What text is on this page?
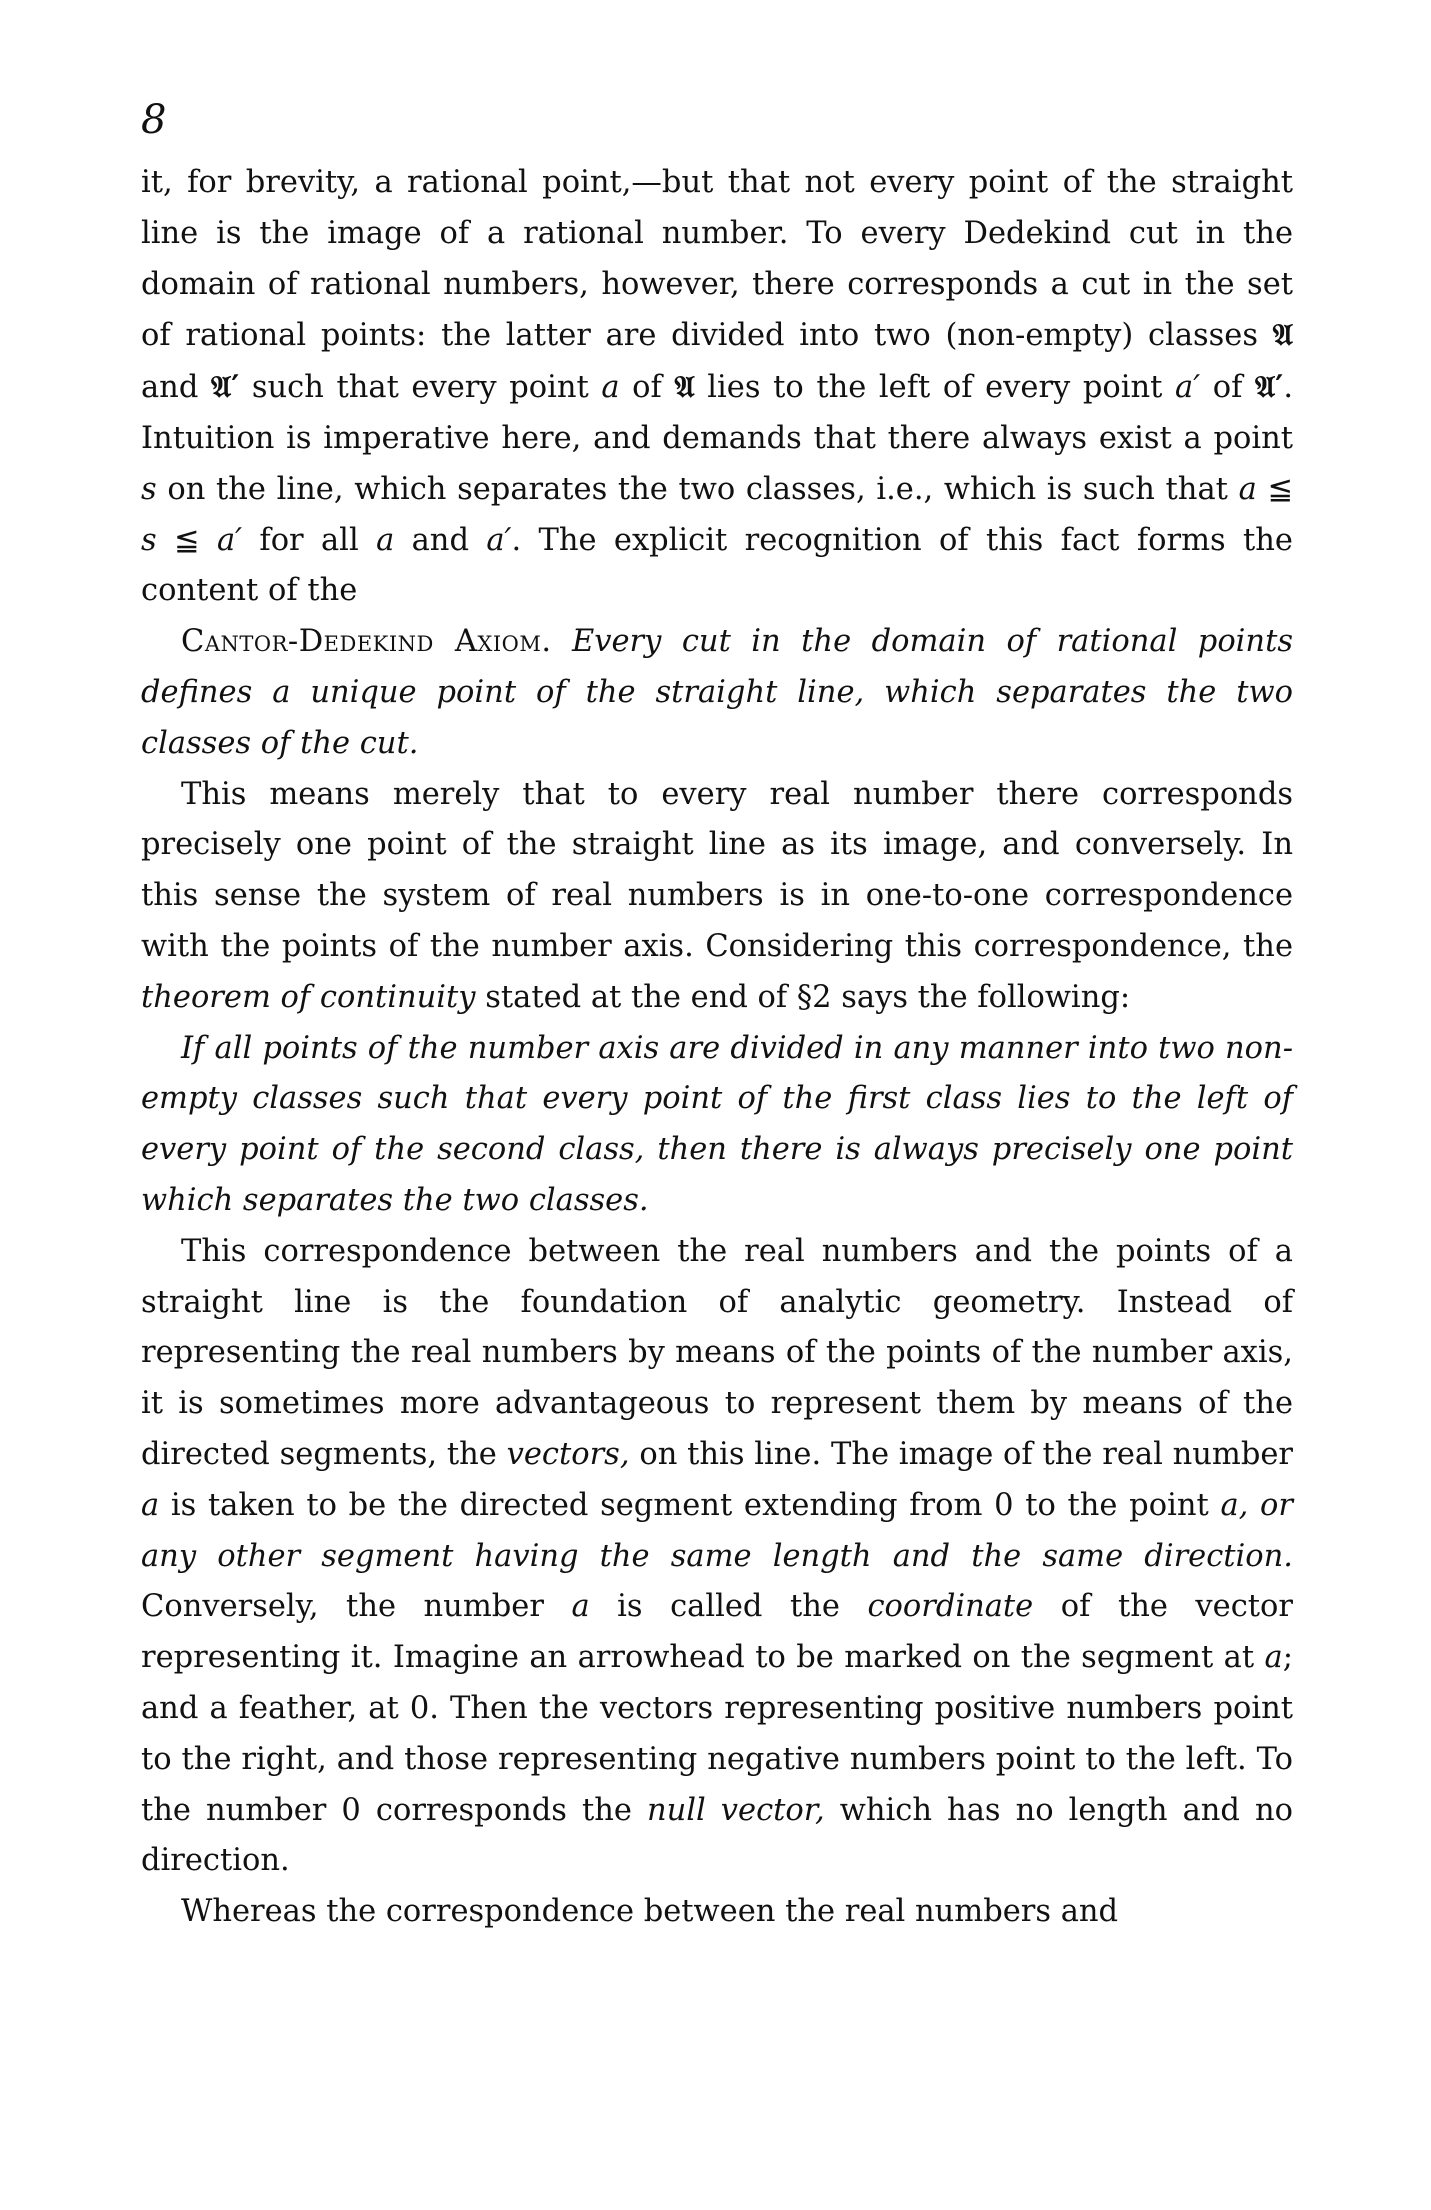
8

it, for brevity, a rational point,—but that not every point of the straight line is the image of a rational number. To every Dedekind cut in the domain of rational numbers, however, there corresponds a cut in the set of rational points: the latter are divided into two (non-empty) classes 𝔄 and 𝔄′ such that every point a of 𝔄 lies to the left of every point a′ of 𝔄′. Intuition is imperative here, and demands that there always exist a point s on the line, which separates the two classes, i.e., which is such that a ≦ s ≦ a′ for all a and a′. The explicit recognition of this fact forms the content of the

Cantor-Dedekind Axiom. Every cut in the domain of rational points defines a unique point of the straight line, which separates the two classes of the cut.

This means merely that to every real number there corresponds precisely one point of the straight line as its image, and conversely. In this sense the system of real numbers is in one-to-one correspondence with the points of the number axis. Considering this correspondence, the theorem of continuity stated at the end of §2 says the following:

If all points of the number axis are divided in any manner into two non-empty classes such that every point of the first class lies to the left of every point of the second class, then there is always precisely one point which separates the two classes.

This correspondence between the real numbers and the points of a straight line is the foundation of analytic geometry. Instead of representing the real numbers by means of the points of the number axis, it is sometimes more advantageous to represent them by means of the directed segments, the vectors, on this line. The image of the real number a is taken to be the directed segment extending from 0 to the point a, or any other segment having the same length and the same direction. Conversely, the number a is called the coordinate of the vector representing it. Imagine an arrowhead to be marked on the segment at a; and a feather, at 0. Then the vectors representing positive numbers point to the right, and those representing negative numbers point to the left. To the number 0 corresponds the null vector, which has no length and no direction.

Whereas the correspondence between the real numbers and
